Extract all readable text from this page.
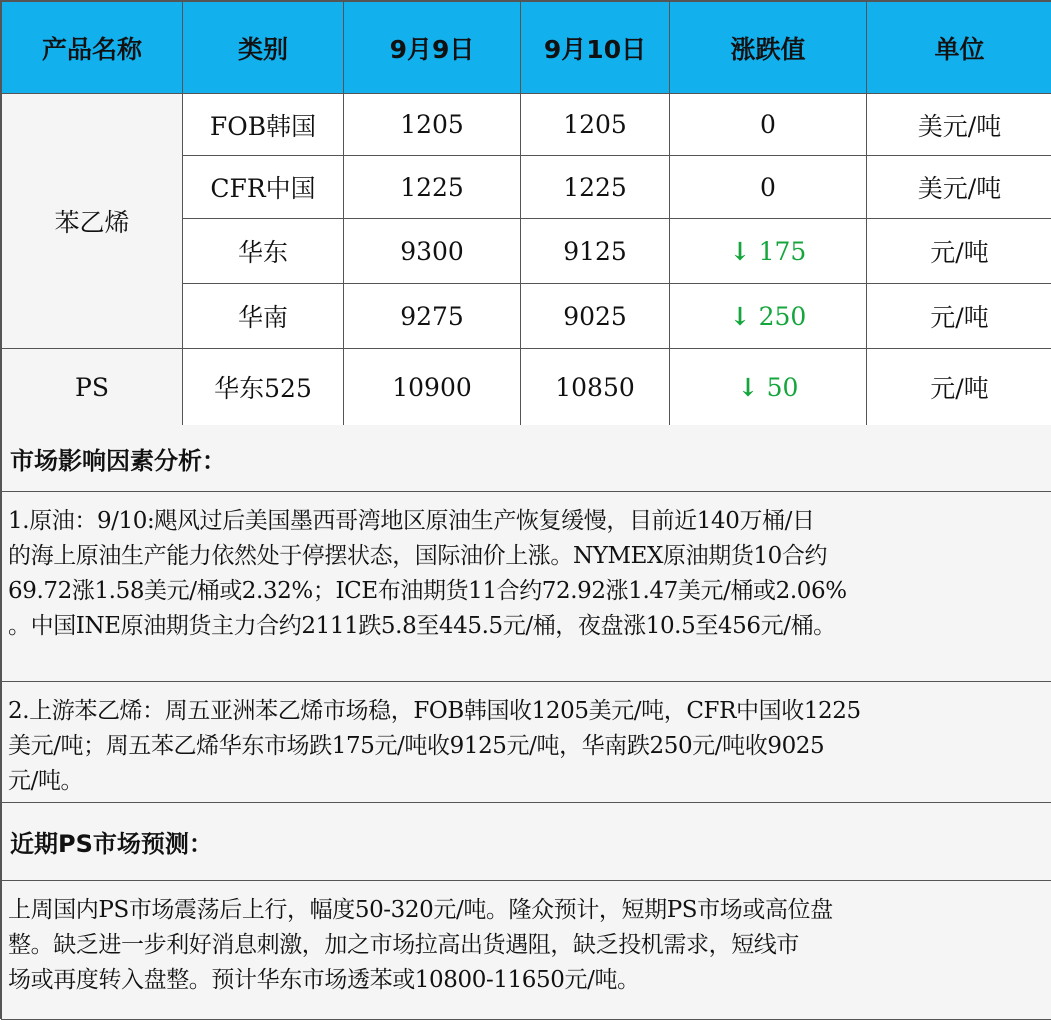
产品名称	类别	9月9日	9月10日	涨跌值	单位
苯乙烯	FOB韩国	1205	1205	0	美元/吨
	CFR中国	1225	1225	0	美元/吨
	华东	9300	9125	↓ 175	元/吨
	华南	9275	9025	↓ 250	元/吨
PS	华东525	10900	10850	↓ 50	元/吨
市场影响因素分析：
1.原油：9/10:飓风过后美国墨西哥湾地区原油生产恢复缓慢，目前近140万桶/日
的海上原油生产能力依然处于停摆状态，国际油价上涨。NYMEX原油期货10合约
69.72涨1.58美元/桶或2.32%；ICE布油期货11合约72.92涨1.47美元/桶或2.06%
。中国INE原油期货主力合约2111跌5.8至445.5元/桶，夜盘涨10.5至456元/桶。
2.上游苯乙烯：周五亚洲苯乙烯市场稳，FOB韩国收1205美元/吨，CFR中国收1225
美元/吨；周五苯乙烯华东市场跌175元/吨收9125元/吨，华南跌250元/吨收9025
元/吨。
近期PS市场预测：
上周国内PS市场震荡后上行，幅度50-320元/吨。隆众预计，短期PS市场或高位盘
整。缺乏进一步利好消息刺激，加之市场拉高出货遇阻，缺乏投机需求，短线市
场或再度转入盘整。预计华东市场透苯或10800-11650元/吨。
